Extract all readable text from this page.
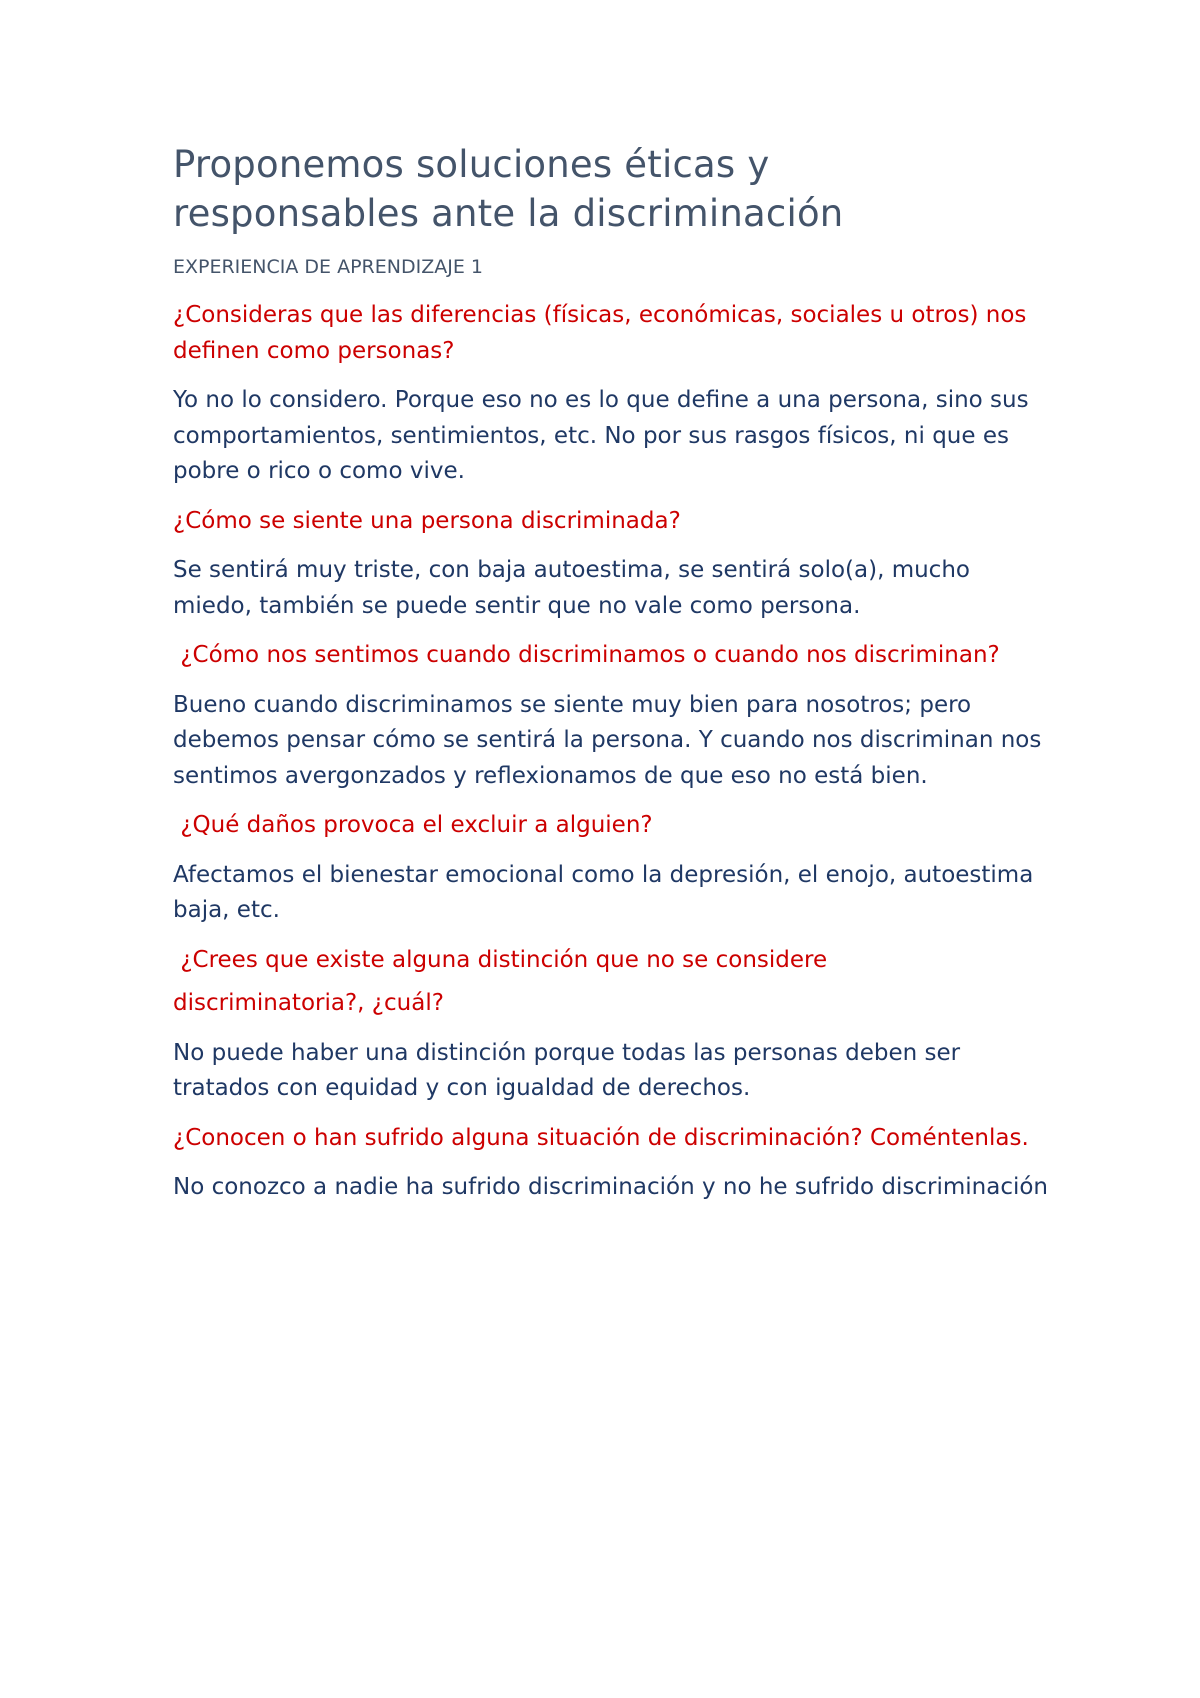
Proponemos soluciones éticas y
responsables ante la discriminación

EXPERIENCIA DE APRENDIZAJE 1

¿Consideras que las diferencias (físicas, económicas, sociales u otros) nos definen como personas?

Yo no lo considero. Porque eso no es lo que define a una persona, sino sus comportamientos, sentimientos, etc. No por sus rasgos físicos, ni que es pobre o rico o como vive.

¿Cómo se siente una persona discriminada?

Se sentirá muy triste, con baja autoestima, se sentirá solo(a), mucho miedo, también se puede sentir que no vale como persona.

¿Cómo nos sentimos cuando discriminamos o cuando nos discriminan?

Bueno cuando discriminamos se siente muy bien para nosotros; pero debemos pensar cómo se sentirá la persona. Y cuando nos discriminan nos sentimos avergonzados y reflexionamos de que eso no está bien.

¿Qué daños provoca el excluir a alguien?

Afectamos el bienestar emocional como la depresión, el enojo, autoestima baja, etc.

¿Crees que existe alguna distinción que no se considere
discriminatoria?, ¿cuál?

No puede haber una distinción porque todas las personas deben ser tratados con equidad y con igualdad de derechos.

¿Conocen o han sufrido alguna situación de discriminación? Coméntenlas.

No conozco a nadie ha sufrido discriminación y no he sufrido discriminación
